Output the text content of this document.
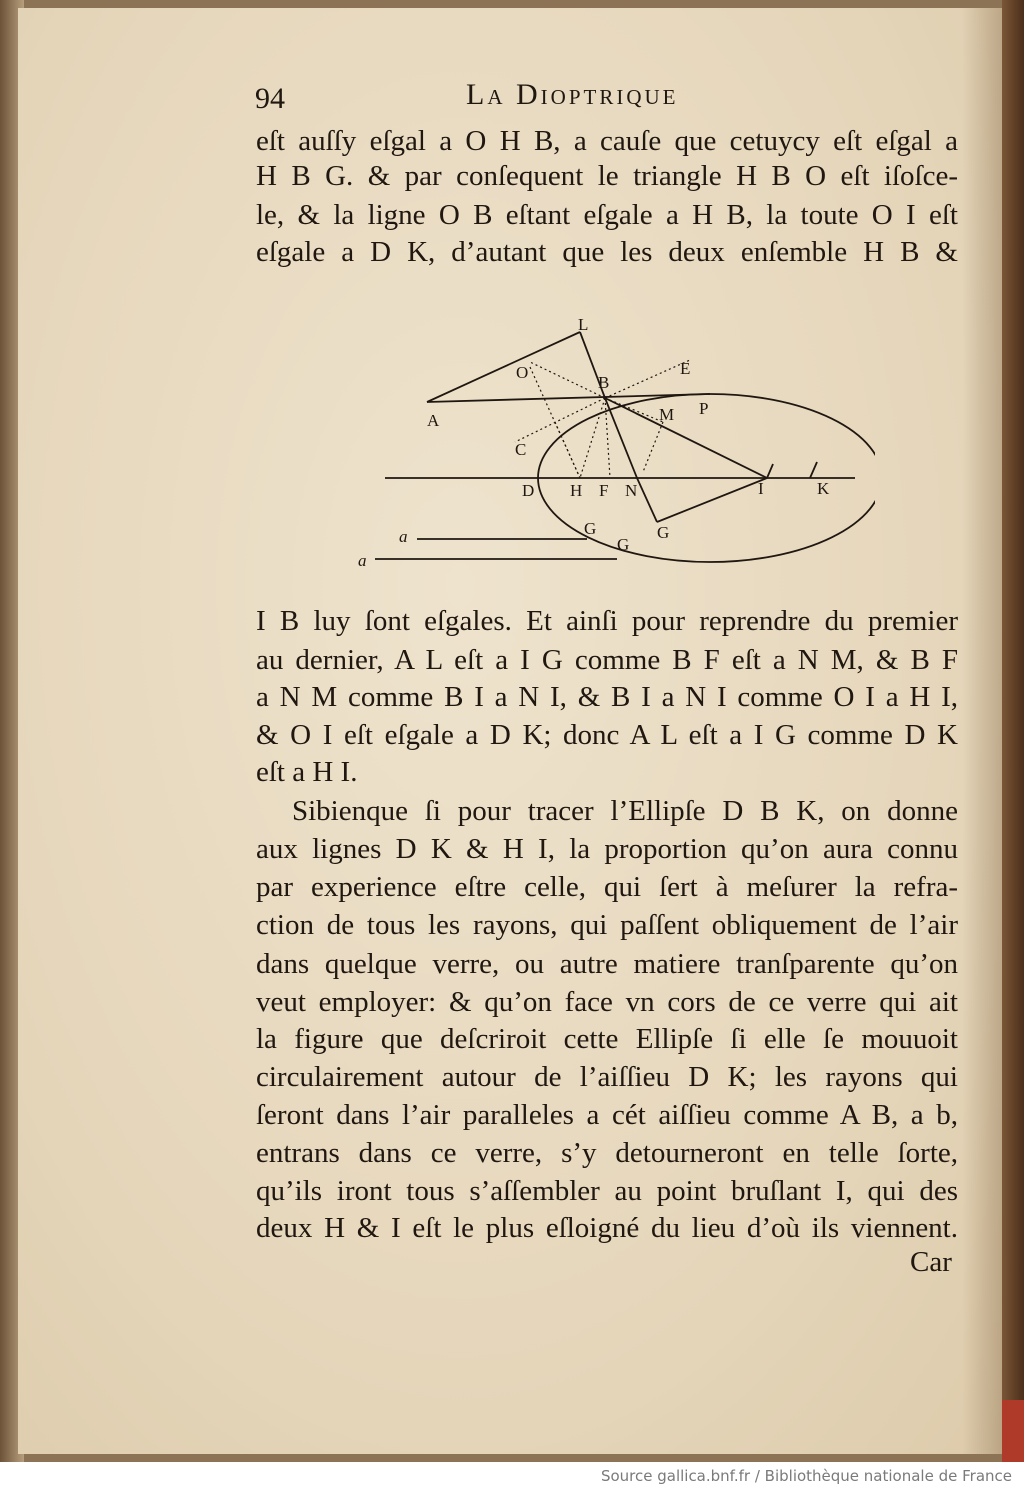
94	La Dioptrique
eſt auſſy eſgal a O H B, a cauſe que cetuycy eſt eſgal a
H B G. & par conſequent le triangle H B O eſt iſoſce-
le, & la ligne O B eſtant eſgale a H B, la toute O I eſt
eſgale a D K, d’autant que les deux enſemble H B &
L
O
B
E
A	M P
C
D H F N	I	K
G
G
G
a
a
I B luy ſont eſgales. Et ainſi pour reprendre du premier
au dernier, A L eſt a I G comme B F eſt a N M, & B F
a N M comme B I a N I, & B I a N I comme O I a H I,
& O I eſt eſgale a D K; donc A L eſt a I G comme D K
eſt a H I.
Sibienque ſi pour tracer l’Ellipſe D B K, on donne
aux lignes D K & H I, la proportion qu’on aura connu
par experience eſtre celle, qui ſert à meſurer la refra-
ction de tous les rayons, qui paſſent obliquement de l’air
dans quelque verre, ou autre matiere tranſparente qu’on
veut employer: & qu’on face vn cors de ce verre qui ait
la figure que deſcriroit cette Ellipſe ſi elle ſe mouuoit
circulairement autour de l’aiſſieu D K; les rayons qui
ſeront dans l’air paralleles a cét aiſſieu comme A B, a b,
entrans dans ce verre, s’y detourneront en telle ſorte,
qu’ils iront tous s’aſſembler au point bruſlant I, qui des
deux H & I eſt le plus eſloigné du lieu d’où ils viennent.
Car
Source gallica.bnf.fr / Bibliothèque nationale de France
